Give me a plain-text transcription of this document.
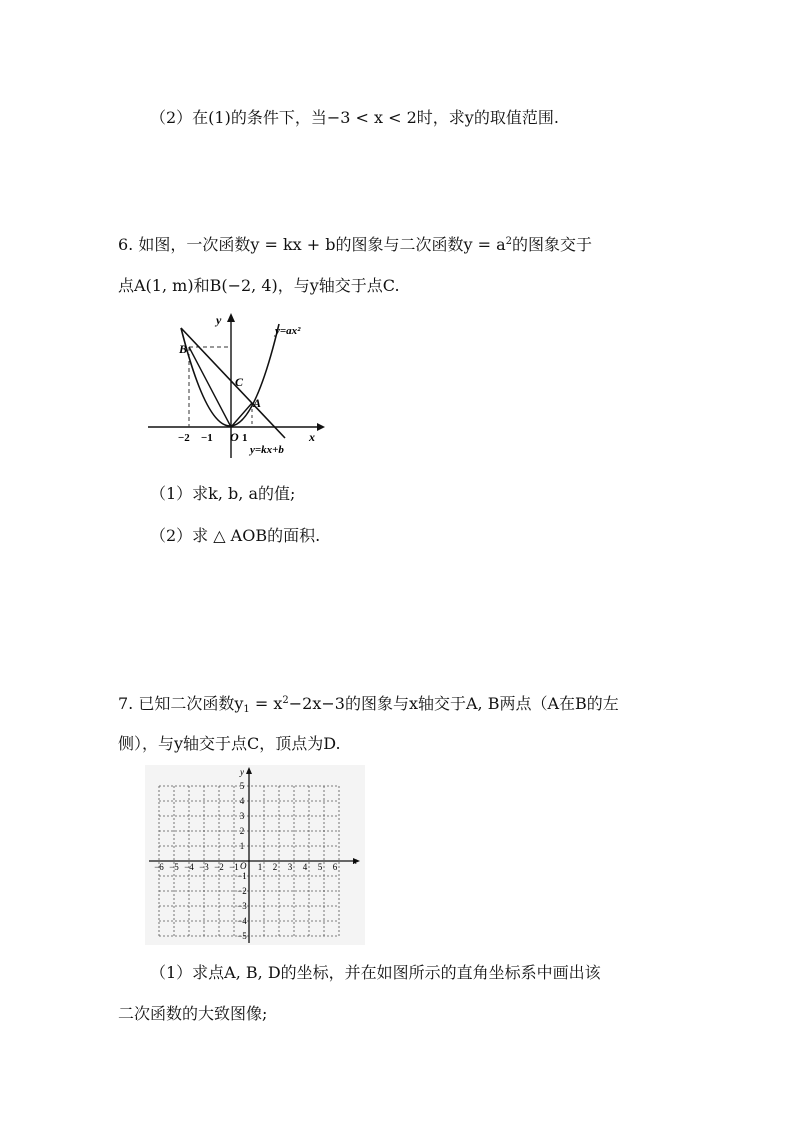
（2）在(1)的条件下，当−3 < x < 2时，求y的取值范围.
6. 如图，一次函数y = kx + b的图象与二次函数$y = a^2$的图象交于
点A(1, m)和B(−2, 4)，与y轴交于点C.
y=ax²
y=kx+b
B
C
A
O	x
y
−2 −1	1
（1）求k, b, a的值;
（2）求 △ AOB的面积.
7. 已知二次函数$y_1 = x^2-2x-3$的图象与x轴交于A, B两点（A在B的左
侧），与y轴交于点C，顶点为D.
x
y
O
−6 −5 −4 −3 −2 −1 1 2 3 4 5 6
1
2
3
4
5
−1
−2
−3
−4
−5
（1）求点A, B, D的坐标，并在如图所示的直角坐标系中画出该
二次函数的大致图像;
